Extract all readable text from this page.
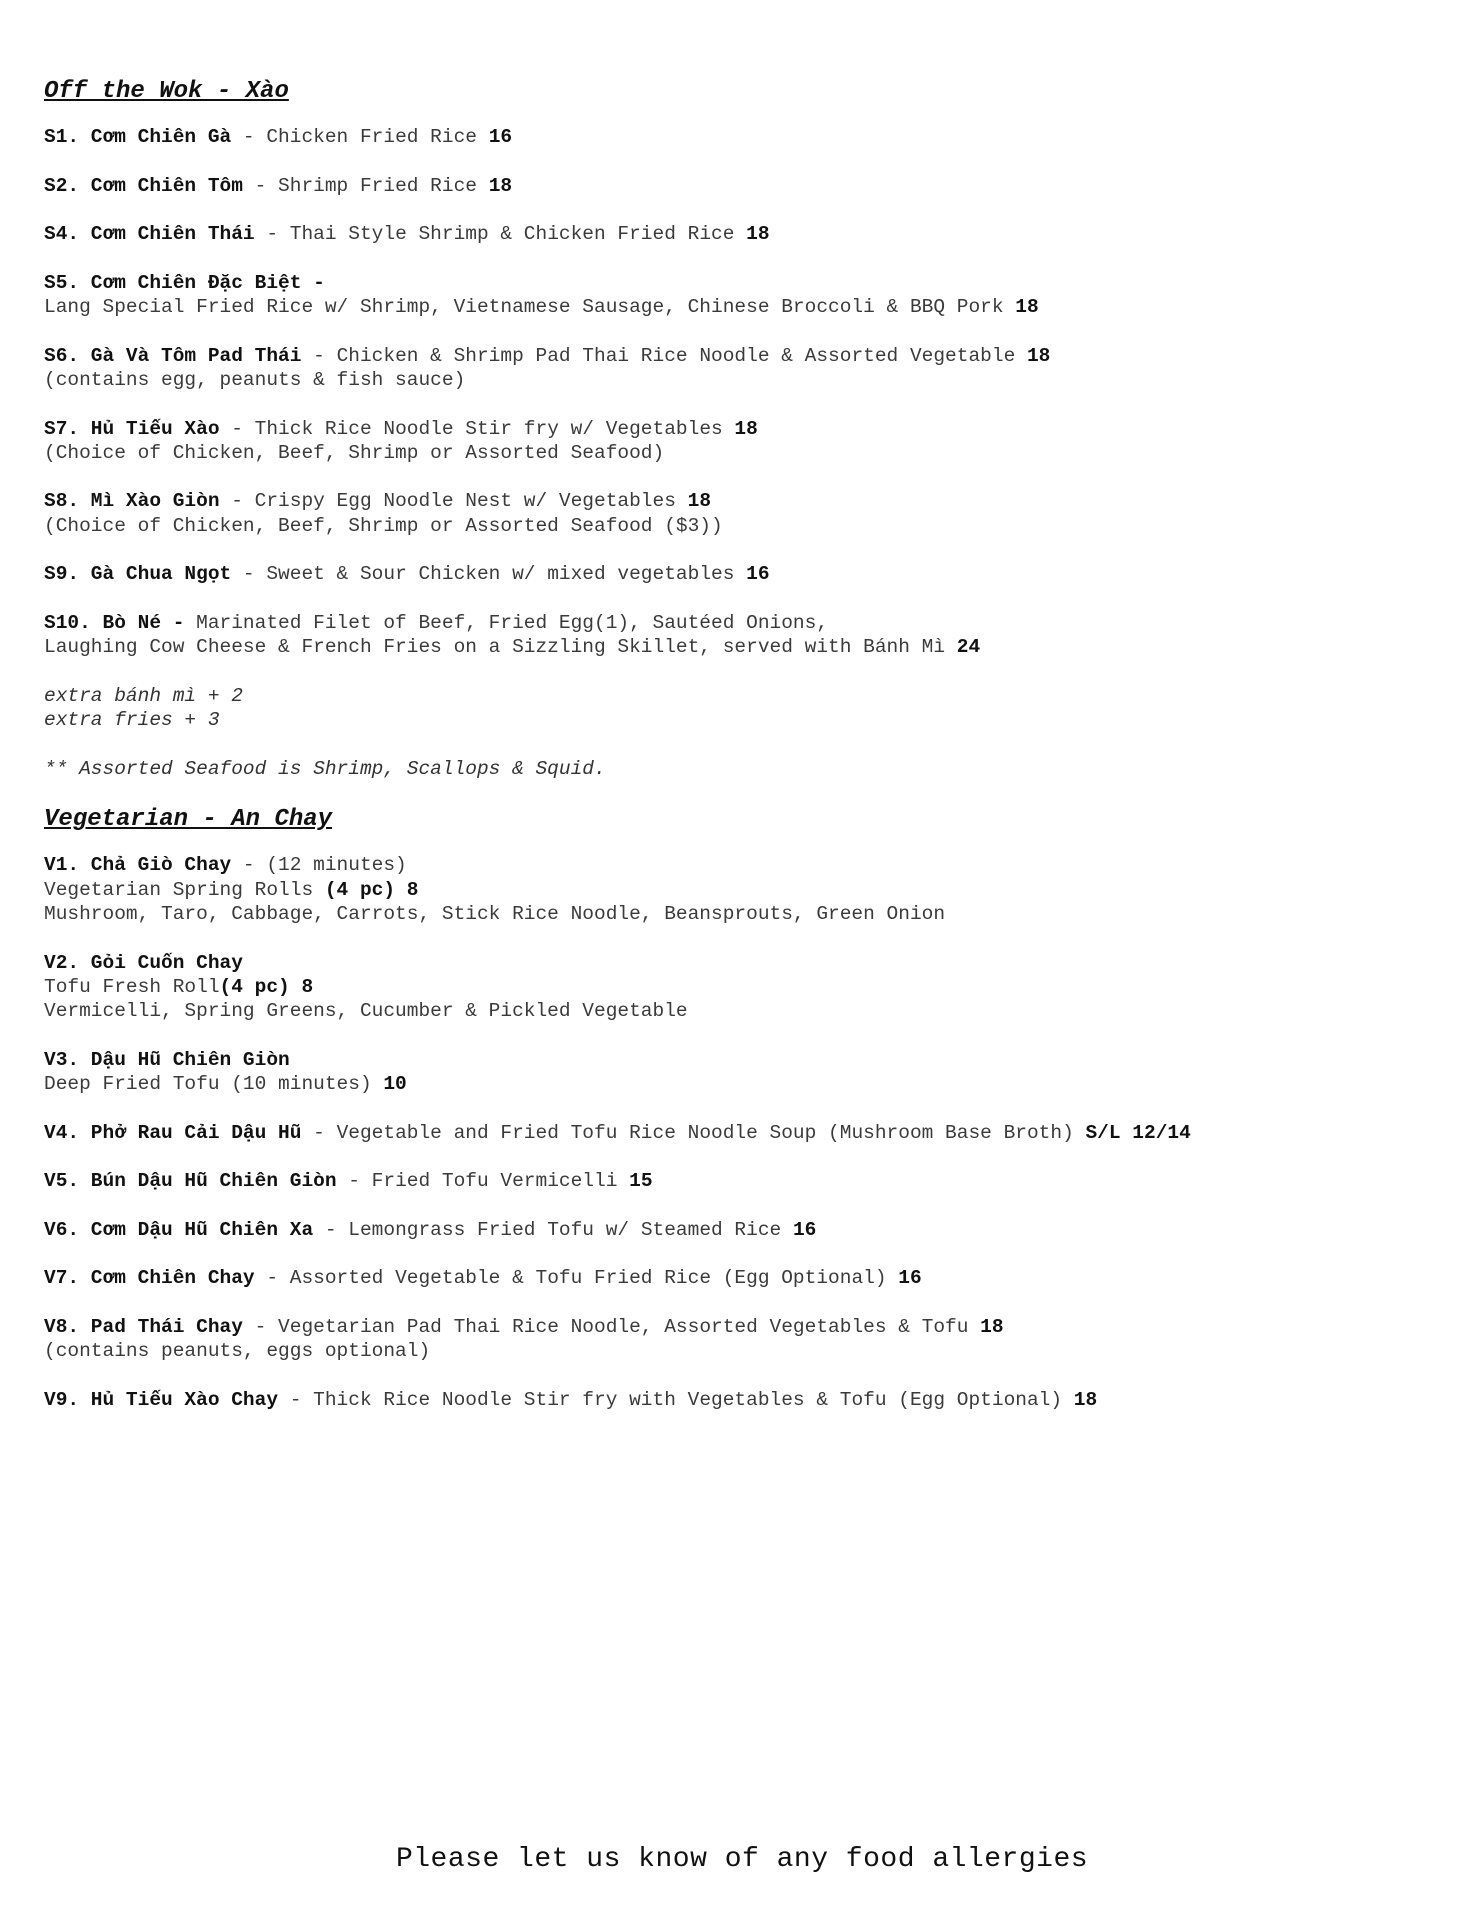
Off the Wok - Xào
S1. Cơm Chiên Gà - Chicken Fried Rice 16
S2. Cơm Chiên Tôm - Shrimp Fried Rice 18
S4. Cơm Chiên Thái - Thai Style Shrimp & Chicken Fried Rice 18
S5. Cơm Chiên Đặc Biệt -
Lang Special Fried Rice w/ Shrimp, Vietnamese Sausage, Chinese Broccoli & BBQ Pork 18
S6. Gà Và Tôm Pad Thái - Chicken & Shrimp Pad Thai Rice Noodle & Assorted Vegetable 18
(contains egg, peanuts & fish sauce)
S7. Hủ Tiếu Xào - Thick Rice Noodle Stir fry w/ Vegetables 18
(Choice of Chicken, Beef, Shrimp or Assorted Seafood)
S8. Mì Xào Giòn - Crispy Egg Noodle Nest w/ Vegetables 18
(Choice of Chicken, Beef, Shrimp or Assorted Seafood ($3))
S9. Gà Chua Ngọt - Sweet & Sour Chicken w/ mixed vegetables 16
S10. Bò Né - Marinated Filet of Beef, Fried Egg(1), Sautéed Onions,
Laughing Cow Cheese & French Fries on a Sizzling Skillet, served with Bánh Mì 24
extra bánh mì + 2
extra fries + 3
** Assorted Seafood is Shrimp, Scallops & Squid.
Vegetarian - An Chay
V1. Chả Giò Chay - (12 minutes)
Vegetarian Spring Rolls (4 pc) 8
Mushroom, Taro, Cabbage, Carrots, Stick Rice Noodle, Beansprouts, Green Onion
V2. Gỏi Cuốn Chay
Tofu Fresh Roll(4 pc) 8
Vermicelli, Spring Greens, Cucumber & Pickled Vegetable
V3. Dậu Hũ Chiên Giòn
Deep Fried Tofu (10 minutes) 10
V4. Phở Rau Cải Dậu Hũ - Vegetable and Fried Tofu Rice Noodle Soup (Mushroom Base Broth) S/L 12/14
V5. Bún Dậu Hũ Chiên Giòn - Fried Tofu Vermicelli 15
V6. Cơm Dậu Hũ Chiên Xa - Lemongrass Fried Tofu w/ Steamed Rice 16
V7. Cơm Chiên Chay - Assorted Vegetable & Tofu Fried Rice (Egg Optional) 16
V8. Pad Thái Chay - Vegetarian Pad Thai Rice Noodle, Assorted Vegetables & Tofu 18
(contains peanuts, eggs optional)
V9. Hủ Tiếu Xào Chay - Thick Rice Noodle Stir fry with Vegetables & Tofu (Egg Optional) 18
Please let us know of any food allergies
